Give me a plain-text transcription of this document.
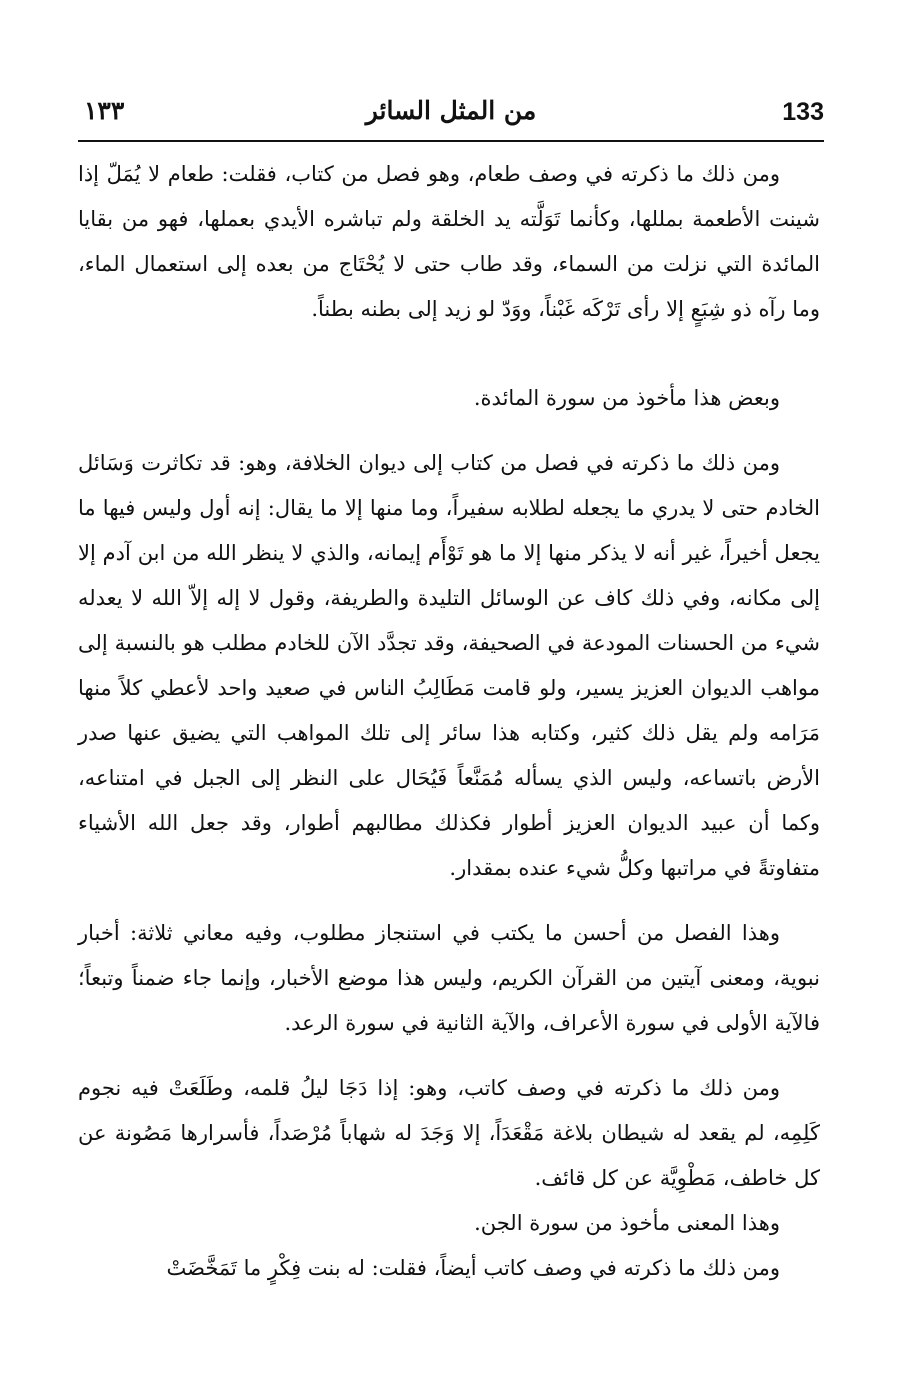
133
من المثل السائر
١٣٣

ومن ذلك ما ذكرته في وصف طعام، وهو فصل من كتاب، فقلت: طعام لا يُمَلّ إذا شينت الأطعمة بمللها، وكأنما تَوَلَّته يد الخلقة ولم تباشره الأيدي بعملها، فهو من بقايا المائدة التي نزلت من السماء، وقد طاب حتى لا يُحْتَاج من بعده إلى استعمال الماء، وما رآه ذو شِبَعٍ إلا رأى تَرْكَه غَبْناً، ووَدّ لو زيد إلى بطنه بطناً.

وبعض هذا مأخوذ من سورة المائدة.

ومن ذلك ما ذكرته في فصل من كتاب إلى ديوان الخلافة، وهو: قد تكاثرت وَسَائل الخادم حتى لا يدري ما يجعله لطلابه سفيراً، وما منها إلا ما يقال: إنه أول وليس فيها ما يجعل أخيراً، غير أنه لا يذكر منها إلا ما هو تَوْأَم إيمانه، والذي لا ينظر الله من ابن آدم إلا إلى مكانه، وفي ذلك كاف عن الوسائل التليدة والطريفة، وقول لا إله إلاّ الله لا يعدله شيء من الحسنات المودعة في الصحيفة، وقد تجدَّد الآن للخادم مطلب هو بالنسبة إلى مواهب الديوان العزيز يسير، ولو قامت مَطَالِبُ الناس في صعيد واحد لأعطي كلاً منها مَرَامه ولم يقل ذلك كثير، وكتابه هذا سائر إلى تلك المواهب التي يضيق عنها صدر الأرض باتساعه، وليس الذي يسأله مُمَنَّعاً فَيُحَال على النظر إلى الجبل في امتناعه، وكما أن عبيد الديوان العزيز أطوار فكذلك مطالبهم أطوار، وقد جعل الله الأشياء متفاوتةً في مراتبها وكلُّ شيء عنده بمقدار.

وهذا الفصل من أحسن ما يكتب في استنجاز مطلوب، وفيه معاني ثلاثة: أخبار نبوية، ومعنى آيتين من القرآن الكريم، وليس هذا موضع الأخبار، وإنما جاء ضمناً وتبعاً؛ فالآية الأولى في سورة الأعراف، والآية الثانية في سورة الرعد.

ومن ذلك ما ذكرته في وصف كاتب، وهو: إذا دَجَا ليلُ قلمه، وطَلَعَتْ فيه نجوم كَلِمِه، لم يقعد له شيطان بلاغة مَقْعَدَاً، إلا وَجَدَ له شهاباً مُرْصَداً، فأسرارها مَصُونة عن كل خاطف، مَطْوِيَّة عن كل قائف.

وهذا المعنى مأخوذ من سورة الجن.

ومن ذلك ما ذكرته في وصف كاتب أيضاً، فقلت: له بنت فِكْرٍ ما تَمَخَّضَتْ
